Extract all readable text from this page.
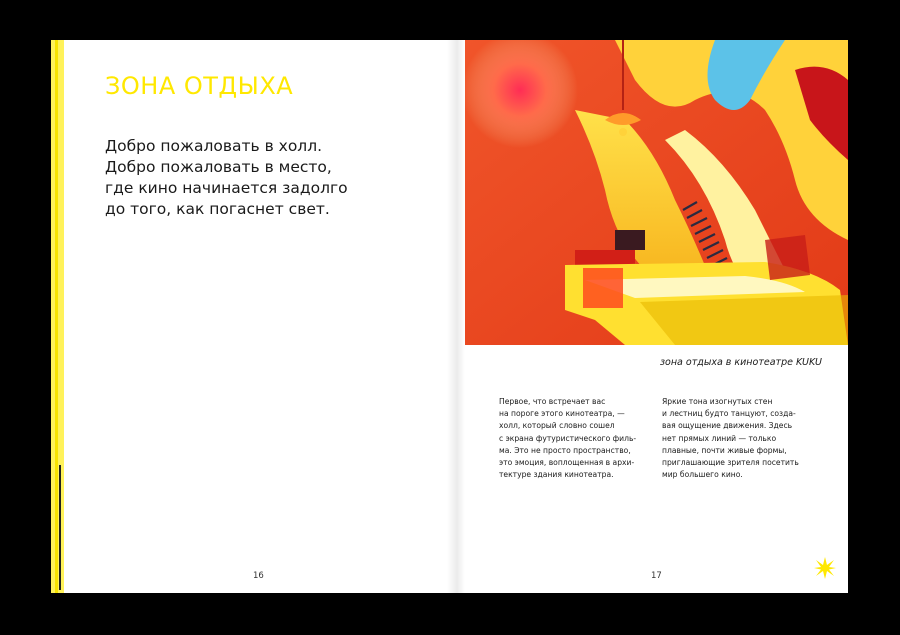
ЗОНА ОТДЫХА

Добро пожаловать в холл.
Добро пожаловать в место,
где кино начинается задолго
до того, как погаснет свет.

16

зона отдыха в кинотеатре KUKU

Первое, что встречает вас
на пороге этого кинотеатра, —
холл, который словно сошел
с экрана футуристического филь-
ма. Это не просто пространство,
это эмоция, воплощенная в архи-
тектуре здания кинотеатра.

Яркие тона изогнутых стен
и лестниц будто танцуют, созда-
вая ощущение движения. Здесь
нет прямых линий — только
плавные, почти живые формы,
приглашающие зрителя посетить
мир большего кино.

17
